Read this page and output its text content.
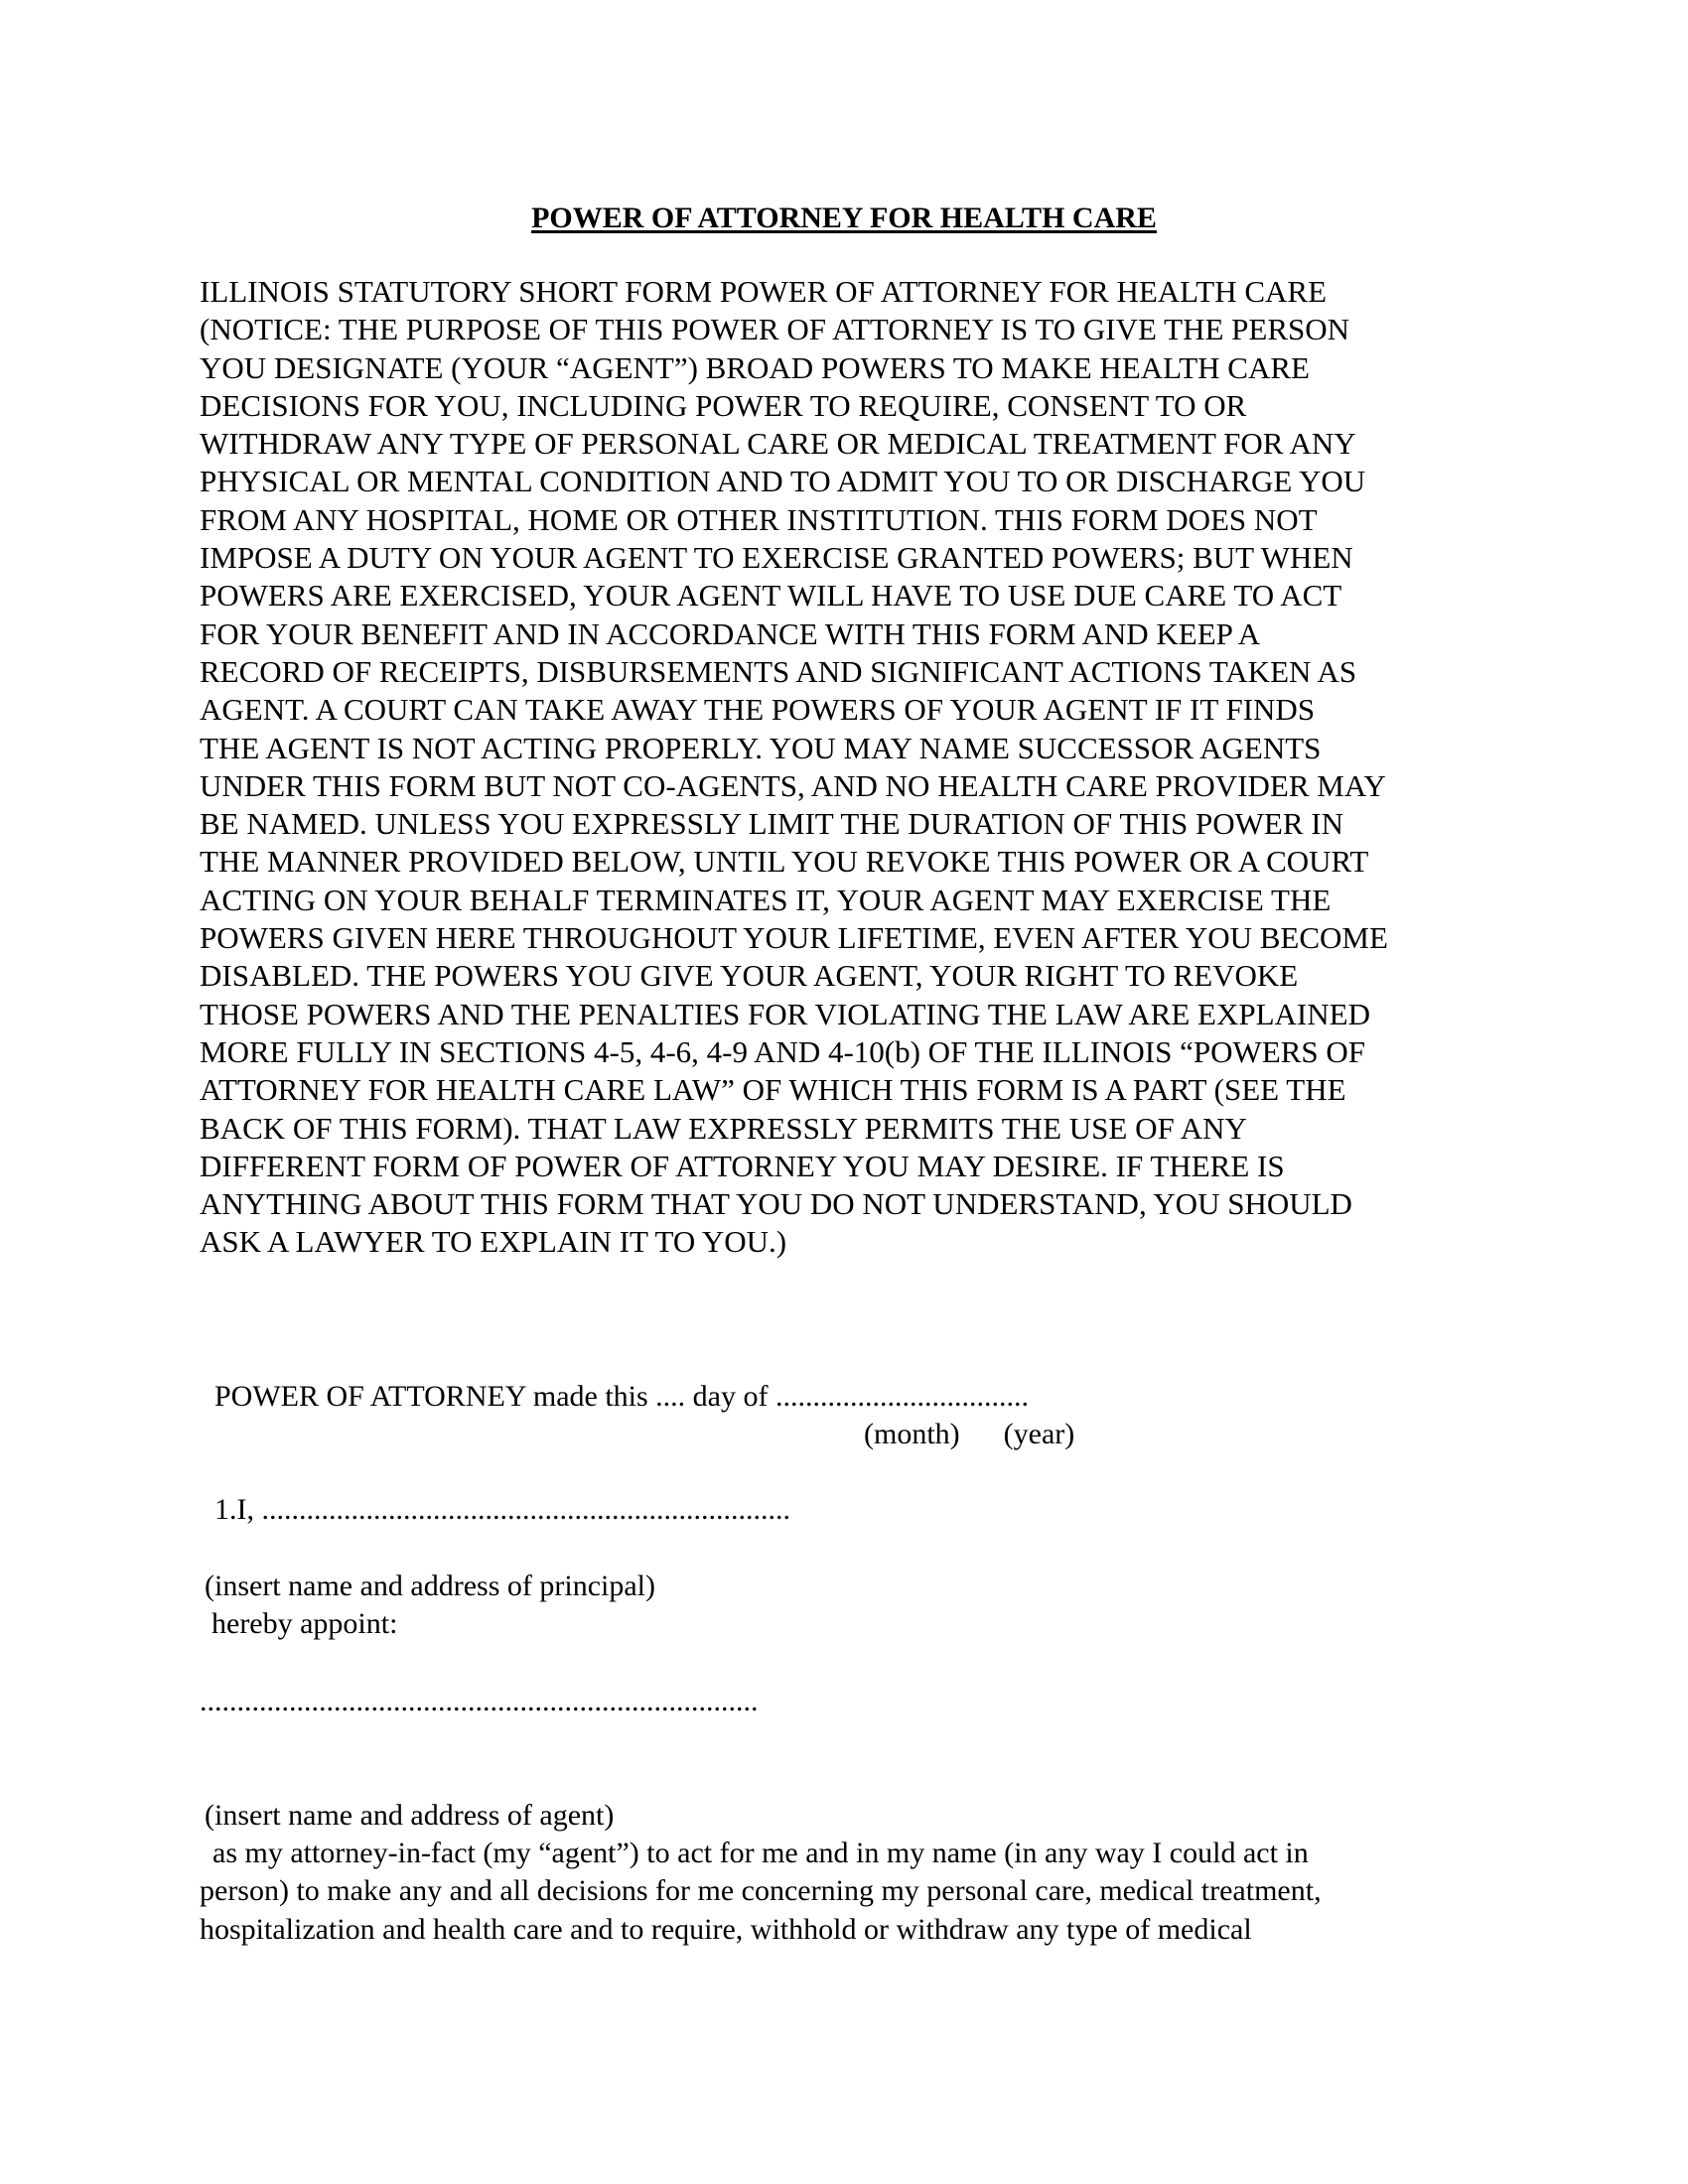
POWER OF ATTORNEY FOR HEALTH CARE
ILLINOIS STATUTORY SHORT FORM POWER OF ATTORNEY FOR HEALTH CARE
(NOTICE: THE PURPOSE OF THIS POWER OF ATTORNEY IS TO GIVE THE PERSON
YOU DESIGNATE (YOUR “AGENT”) BROAD POWERS TO MAKE HEALTH CARE
DECISIONS FOR YOU, INCLUDING POWER TO REQUIRE, CONSENT TO OR
WITHDRAW ANY TYPE OF PERSONAL CARE OR MEDICAL TREATMENT FOR ANY
PHYSICAL OR MENTAL CONDITION AND TO ADMIT YOU TO OR DISCHARGE YOU
FROM ANY HOSPITAL, HOME OR OTHER INSTITUTION. THIS FORM DOES NOT
IMPOSE A DUTY ON YOUR AGENT TO EXERCISE GRANTED POWERS; BUT WHEN
POWERS ARE EXERCISED, YOUR AGENT WILL HAVE TO USE DUE CARE TO ACT
FOR YOUR BENEFIT AND IN ACCORDANCE WITH THIS FORM AND KEEP A
RECORD OF RECEIPTS, DISBURSEMENTS AND SIGNIFICANT ACTIONS TAKEN AS
AGENT. A COURT CAN TAKE AWAY THE POWERS OF YOUR AGENT IF IT FINDS
THE AGENT IS NOT ACTING PROPERLY. YOU MAY NAME SUCCESSOR AGENTS
UNDER THIS FORM BUT NOT CO-AGENTS, AND NO HEALTH CARE PROVIDER MAY
BE NAMED. UNLESS YOU EXPRESSLY LIMIT THE DURATION OF THIS POWER IN
THE MANNER PROVIDED BELOW, UNTIL YOU REVOKE THIS POWER OR A COURT
ACTING ON YOUR BEHALF TERMINATES IT, YOUR AGENT MAY EXERCISE THE
POWERS GIVEN HERE THROUGHOUT YOUR LIFETIME, EVEN AFTER YOU BECOME
DISABLED. THE POWERS YOU GIVE YOUR AGENT, YOUR RIGHT TO REVOKE
THOSE POWERS AND THE PENALTIES FOR VIOLATING THE LAW ARE EXPLAINED
MORE FULLY IN SECTIONS 4-5, 4-6, 4-9 AND 4-10(b) OF THE ILLINOIS “POWERS OF
ATTORNEY FOR HEALTH CARE LAW” OF WHICH THIS FORM IS A PART (SEE THE
BACK OF THIS FORM). THAT LAW EXPRESSLY PERMITS THE USE OF ANY
DIFFERENT FORM OF POWER OF ATTORNEY YOU MAY DESIRE. IF THERE IS
ANYTHING ABOUT THIS FORM THAT YOU DO NOT UNDERSTAND, YOU SHOULD
ASK A LAWYER TO EXPLAIN IT TO YOU.)
POWER OF ATTORNEY made this .... day of ..................................
(month) (year)
1.I, .......................................................................
(insert name and address of principal)
hereby appoint:
...........................................................................
(insert name and address of agent)
as my attorney-in-fact (my “agent”) to act for me and in my name (in any way I could act in
person) to make any and all decisions for me concerning my personal care, medical treatment,
hospitalization and health care and to require, withhold or withdraw any type of medical
